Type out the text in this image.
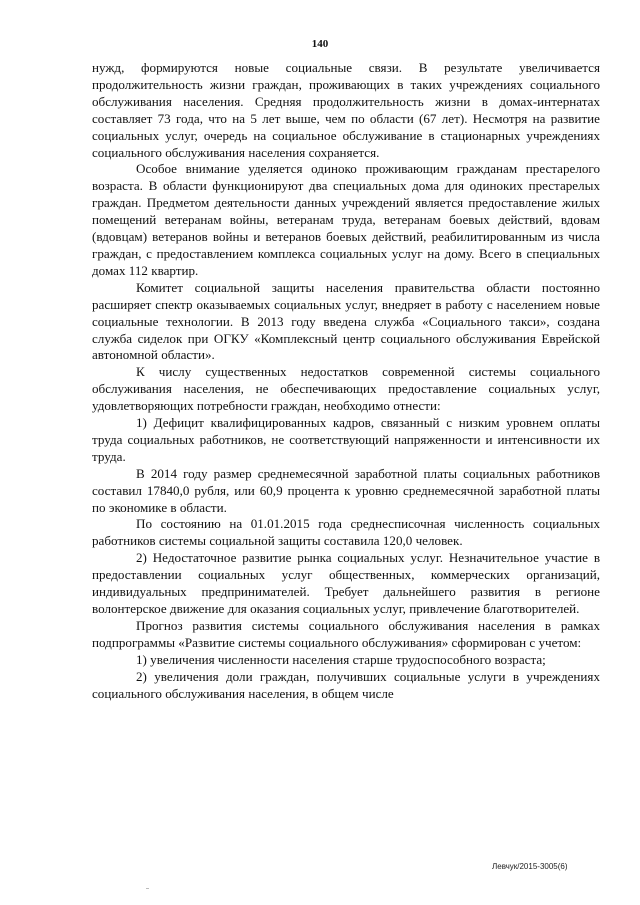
140

нужд, формируются новые социальные связи. В результате увеличивается продолжительность жизни граждан, проживающих в таких учреждениях социального обслуживания населения. Средняя продолжительность жизни в домах-интернатах составляет 73 года, что на 5 лет выше, чем по области (67 лет). Несмотря на развитие социальных услуг, очередь на социальное обслуживание в стационарных учреждениях социального обслуживания населения сохраняется.

Особое внимание уделяется одиноко проживающим гражданам престарелого возраста. В области функционируют два специальных дома для одиноких престарелых граждан. Предметом деятельности данных учреждений является предоставление жилых помещений ветеранам войны, ветеранам труда, ветеранам боевых действий, вдовам (вдовцам) ветеранов войны и ветеранов боевых действий, реабилитированным из числа граждан, с предоставлением комплекса социальных услуг на дому. Всего в специальных домах 112 квартир.

Комитет социальной защиты населения правительства области постоянно расширяет спектр оказываемых социальных услуг, внедряет в работу с населением новые социальные технологии. В 2013 году введена служба «Социального такси», создана служба сиделок при ОГКУ «Комплексный центр социального обслуживания Еврейской автономной области».

К числу существенных недостатков современной системы социального обслуживания населения, не обеспечивающих предоставление социальных услуг, удовлетворяющих потребности граждан, необходимо отнести:

1) Дефицит квалифицированных кадров, связанный с низким уровнем оплаты труда социальных работников, не соответствующий напряженности и интенсивности их труда.

В 2014 году размер среднемесячной заработной платы социальных работников составил 17840,0 рубля, или 60,9 процента к уровню среднемесячной заработной платы по экономике в области.

По состоянию на 01.01.2015 года среднесписочная численность социальных работников системы социальной защиты составила 120,0 человек.

2) Недостаточное развитие рынка социальных услуг. Незначительное участие в предоставлении социальных услуг общественных, коммерческих организаций, индивидуальных предпринимателей. Требует дальнейшего развития в регионе волонтерское движение для оказания социальных услуг, привлечение благотворителей.

Прогноз развития системы социального обслуживания населения в рамках подпрограммы «Развитие системы социального обслуживания» сформирован с учетом:

1) увеличения численности населения старше трудоспособного возраста;

2) увеличения доли граждан, получивших социальные услуги в учреждениях социального обслуживания населения, в общем числе

Левчук/2015-3005(6)
